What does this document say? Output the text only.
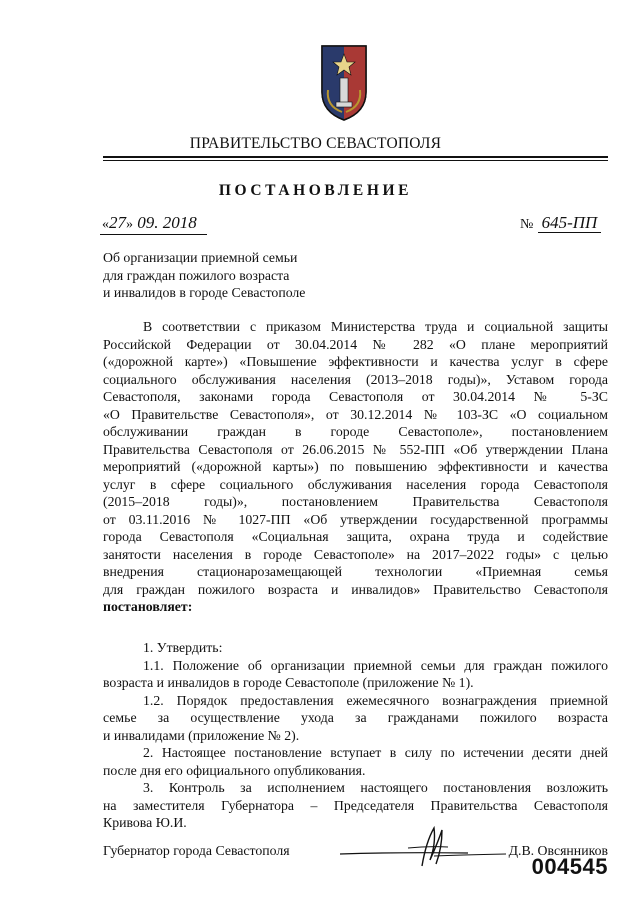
ПРАВИТЕЛЬСТВО СЕВАСТОПОЛЯ
ПОСТАНОВЛЕНИЕ
«27» 09. 2018	№ 645-ПП
Об организации приемной семьи
для граждан пожилого возраста
и инвалидов в городе Севастополе
В соответствии с приказом Министерства труда и социальной защиты
Российской Федерации от 30.04.2014 № 282 «О плане мероприятий
(«дорожной карте») «Повышение эффективности и качества услуг в сфере
социального обслуживания населения (2013–2018 годы)», Уставом города
Севастополя, законами города Севастополя от 30.04.2014 № 5-ЗС
«О Правительстве Севастополя», от 30.12.2014 № 103-ЗС «О социальном
обслуживании граждан в городе Севастополе», постановлением
Правительства Севастополя от 26.06.2015 № 552-ПП «Об утверждении Плана
мероприятий («дорожной карты») по повышению эффективности и качества
услуг в сфере социального обслуживания населения города Севастополя
(2015–2018 годы)», постановлением Правительства Севастополя
от 03.11.2016 № 1027-ПП «Об утверждении государственной программы
города Севастополя «Социальная защита, охрана труда и содействие
занятости населения в городе Севастополе» на 2017–2022 годы» с целью
внедрения стационарозамещающей технологии «Приемная семья
для граждан пожилого возраста и инвалидов» Правительство Севастополя
постановляет:
1. Утвердить:
1.1. Положение об организации приемной семьи для граждан пожилого
возраста и инвалидов в городе Севастополе (приложение № 1).
1.2. Порядок предоставления ежемесячного вознаграждения приемной
семье за осуществление ухода за гражданами пожилого возраста
и инвалидами (приложение № 2).
2. Настоящее постановление вступает в силу по истечении десяти дней
после дня его официального опубликования.
3. Контроль за исполнением настоящего постановления возложить
на заместителя Губернатора – Председателя Правительства Севастополя
Кривова Ю.И.
Губернатор города Севастополя	Д.В. Овсянников
004545
